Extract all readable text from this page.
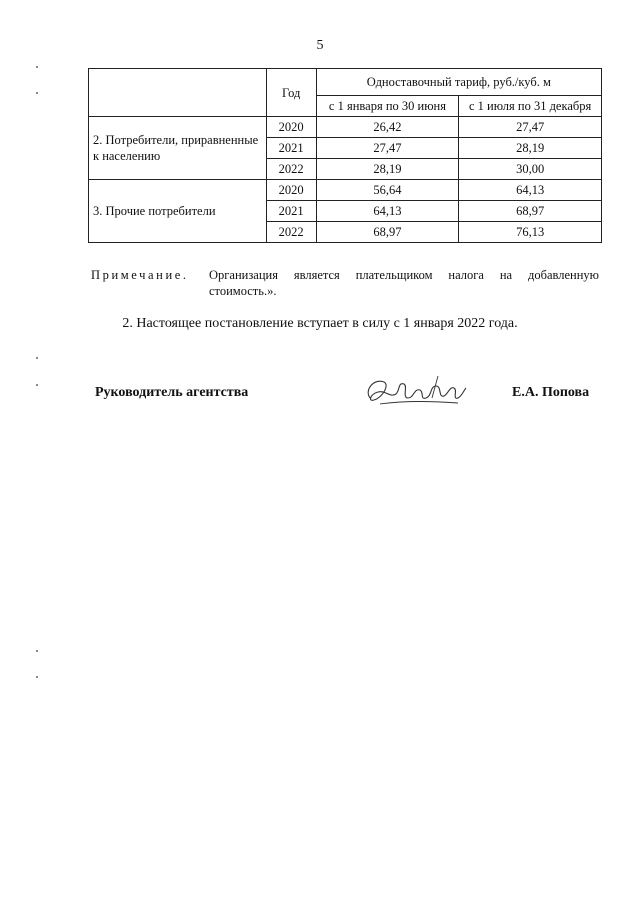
5
	Год	Одноставочный тариф, руб./куб. м	
		с 1 января по 30 июня	с 1 июля по 31 декабря
2. Потребители, приравненные к населению	2020	26,42	27,47
	2021	27,47	28,19
	2022	28,19	30,00
3. Прочие потребители	2020	56,64	64,13
	2021	64,13	68,97
	2022	68,97	76,13
Примечание. Организация является плательщиком налога на добавленную стоимость.».
2. Настоящее постановление вступает в силу с 1 января 2022 года.
Руководитель агентства	Е.А. Попова
